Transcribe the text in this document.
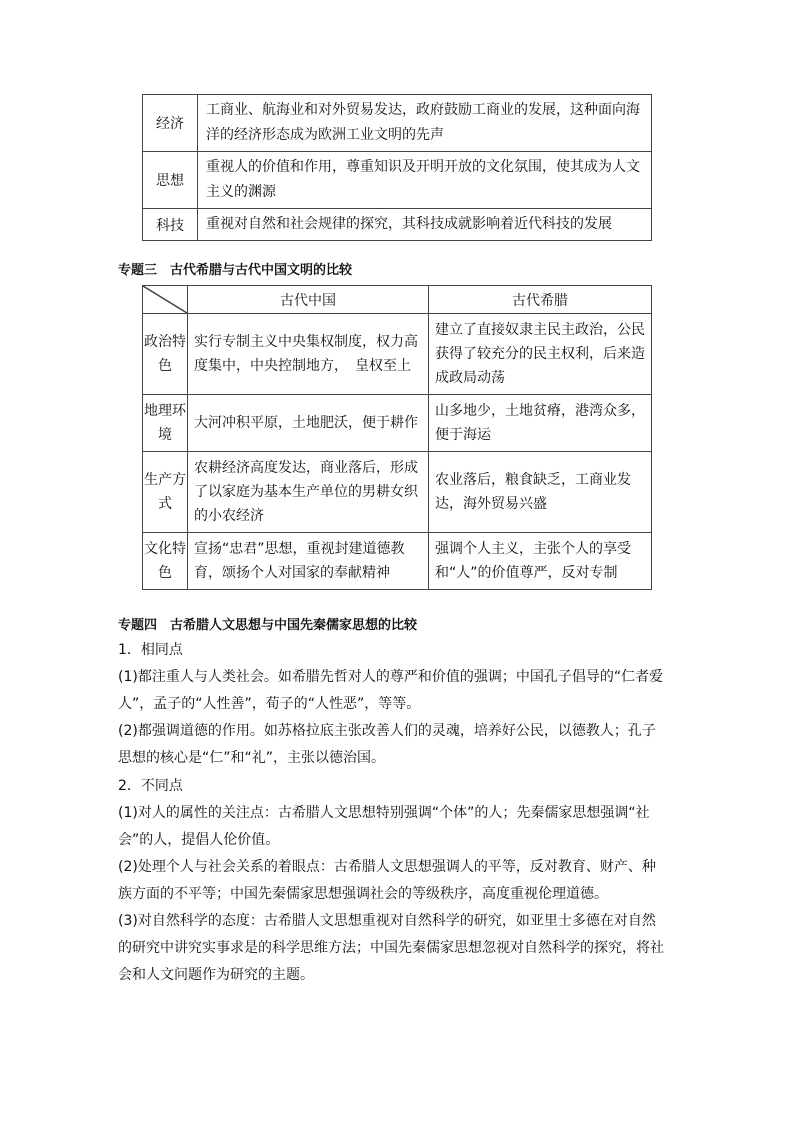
经济	工商业、航海业和对外贸易发达，政府鼓励工商业的发展，这种面向海洋的经济形态成为欧洲工业文明的先声
思想	重视人的价值和作用，尊重知识及开明开放的文化氛围，使其成为人文主义的渊源
科技	重视对自然和社会规律的探究，其科技成就影响着近代科技的发展
专题三　古代希腊与古代中国文明的比较
	古代中国	古代希腊
政治特色	实行专制主义中央集权制度，权力高度集中，中央控制地方，　皇权至上	建立了直接奴隶主民主政治，公民获得了较充分的民主权利，后来造成政局动荡
地理环境	大河冲积平原，土地肥沃，便于耕作	山多地少，土地贫瘠，港湾众多，便于海运
生产方式	农耕经济高度发达，商业落后，形成了以家庭为基本生产单位的男耕女织的小农经济	农业落后，粮食缺乏，工商业发达，海外贸易兴盛
文化特色	宣扬“忠君”思想，重视封建道德教育，颂扬个人对国家的奉献精神	强调个人主义，主张个人的享受和“人”的价值尊严，反对专制
专题四　古希腊人文思想与中国先秦儒家思想的比较
1．相同点
(1)都注重人与人类社会。如希腊先哲对人的尊严和价值的强调；中国孔子倡导的“仁者爱人”，孟子的“人性善”，荀子的“人性恶”，等等。
(2)都强调道德的作用。如苏格拉底主张改善人们的灵魂，培养好公民，以德教人；孔子思想的核心是“仁”和“礼”，主张以德治国。
2．不同点
(1)对人的属性的关注点：古希腊人文思想特别强调“个体”的人；先秦儒家思想强调“社会”的人，提倡人伦价值。
(2)处理个人与社会关系的着眼点：古希腊人文思想强调人的平等，反对教育、财产、种族方面的不平等；中国先秦儒家思想强调社会的等级秩序，高度重视伦理道德。
(3)对自然科学的态度：古希腊人文思想重视对自然科学的研究，如亚里士多德在对自然的研究中讲究实事求是的科学思维方法；中国先秦儒家思想忽视对自然科学的探究，将社会和人文问题作为研究的主题。
